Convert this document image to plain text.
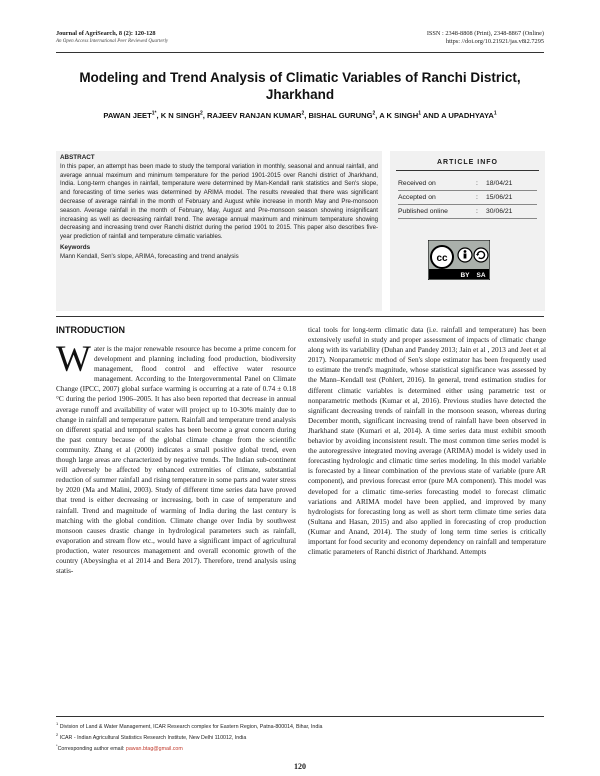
Journal of AgriSearch, 8 (2): 120-128
An Open Access International Peer Reviewed Quarterly
ISSN : 2348-8808 (Print), 2348-8867 (Online)
https: //doi.org/10.21921/jas.v8i2.7295
Modeling and Trend Analysis of Climatic Variables of Ranchi District, Jharkhand
PAWAN $JEET^{1*}$, K N SINGH$^2$, RAJEEV RANJAN KUMAR$^2$, BISHAL GURUNG$^2$, A K SINGH$^1$ AND A UPADHYAYA$^1$
ABSTRACT
In this paper, an attempt has been made to study the temporal variation in monthly, seasonal and annual rainfall, and average annual maximum and minimum temperature for the period 1901-2015 over Ranchi district of Jharkhand, India. Long-term changes in rainfall, temperature were determined by Man-Kendall rank statistics and Sen's slope, and forecasting of time series was determined by ARIMA model. The results revealed that there was significant decrease of average rainfall in the month of February and August while increase in month May and Pre-monsoon season. Average rainfall in the month of February, May, August and Pre-monsoon season showing insignificant increasing as well as decreasing rainfall trend. The average annual maximum and minimum temperature showing decreasing and increasing trend over Ranchi district during the period 1901 to 2015. This paper also describes five-year prediction of rainfall and temperature climatic variables.
Keywords
Mann Kendall, Sen's slope, ARIMA, forecasting and trend analysis
ARTICLE INFO
Received on	: 18/04/21
Accepted on	: 15/06/21
Published online	: 30/06/21
cc
BY SA
INTRODUCTION
Water is the major renewable resource has become a prime concern for development and planning including food production, biodiversity management, flood control and effective water resource management. According to the Intergovernmental Panel on Climate Change (IPCC, 2007) global surface warming is occurring at a rate of 0.74 ± 0.18 °C during the period 1906–2005. It has also been reported that decrease in annual average runoff and availability of water will project up to 10-30% mainly due to change in rainfall and temperature pattern. Rainfall and temperature trend analysis on different spatial and temporal scales has been become a great concern during the past century because of the global climate change from the scientific community. Zhang et al (2000) indicates a small positive global trend, even though large areas are characterized by negative trends. The Indian sub-continent will adversely be affected by enhanced extremities of climate, substantial reduction of summer rainfall and rising temperature in some parts and water stress by 2020 (Ma and Malini, 2003). Study of different time series data have proved that trend is either decreasing or increasing, both in case of temperature and rainfall. Trend and magnitude of warming of India during the last century is matching with the global condition. Climate change over India by southwest monsoon causes drastic change in hydrological parameters such as rainfall, evaporation and stream flow etc., would have a significant impact of agricultural production, water resources management and overall economic growth of the country (Abeysingha et al 2014 and Bera 2017). Therefore, trend analysis using statis-
tical tools for long-term climatic data (i.e. rainfall and temperature) has been extensively useful in study and proper assessment of impacts of climatic change along with its variability (Duhan and Pandey 2013; Jain et al , 2013 and Jeet et al 2017). Nonparametric method of Sen's slope estimator has been frequently used to estimate the trend's magnitude, whose statistical significance was assessed by the Mann–Kendall test (Pohlert, 2016). In general, trend estimation studies for different climatic variables is determined either using parametric test or nonparametric methods (Kumar et al, 2016). Previous studies have detected the significant decreasing trends of rainfall in the monsoon season, whereas during December month, significant increasing trend of rainfall have been observed in Jharkhand state (Kumari et al, 2014). A time series data must exhibit smooth behavior by avoiding inconsistent result. The most common time series model is the autoregressive integrated moving average (ARIMA) model is widely used in forecasting hydrologic and climatic time series modeling. In this model variable is forecasted by a linear combination of the previous state of variable (pure AR component), and previous forecast error (pure MA component). This model was developed for a climatic time-series forecasting model to forecast climatic variations and ARIMA model have been applied, and improved by many hydrologists for forecasting long as well as short term climate time series data (Sultana and Hasan, 2015) and also applied in forecasting of crop production (Kumar and Anand, 2014). The study of long term time series is critically important for food security and economy dependency on rainfall and temperature climatic parameters of Ranchi district of Jharkhand. Attempts
$^1$ Division of Land & Water Management, ICAR Research complex for Eastern Region, Patna-800014, Bihar, India
$^2$ ICAR - Indian Agricultural Statistics Research Institute, New Delhi 110012, India
*Corresponding author email: pawan.btag@gmail.com
120
